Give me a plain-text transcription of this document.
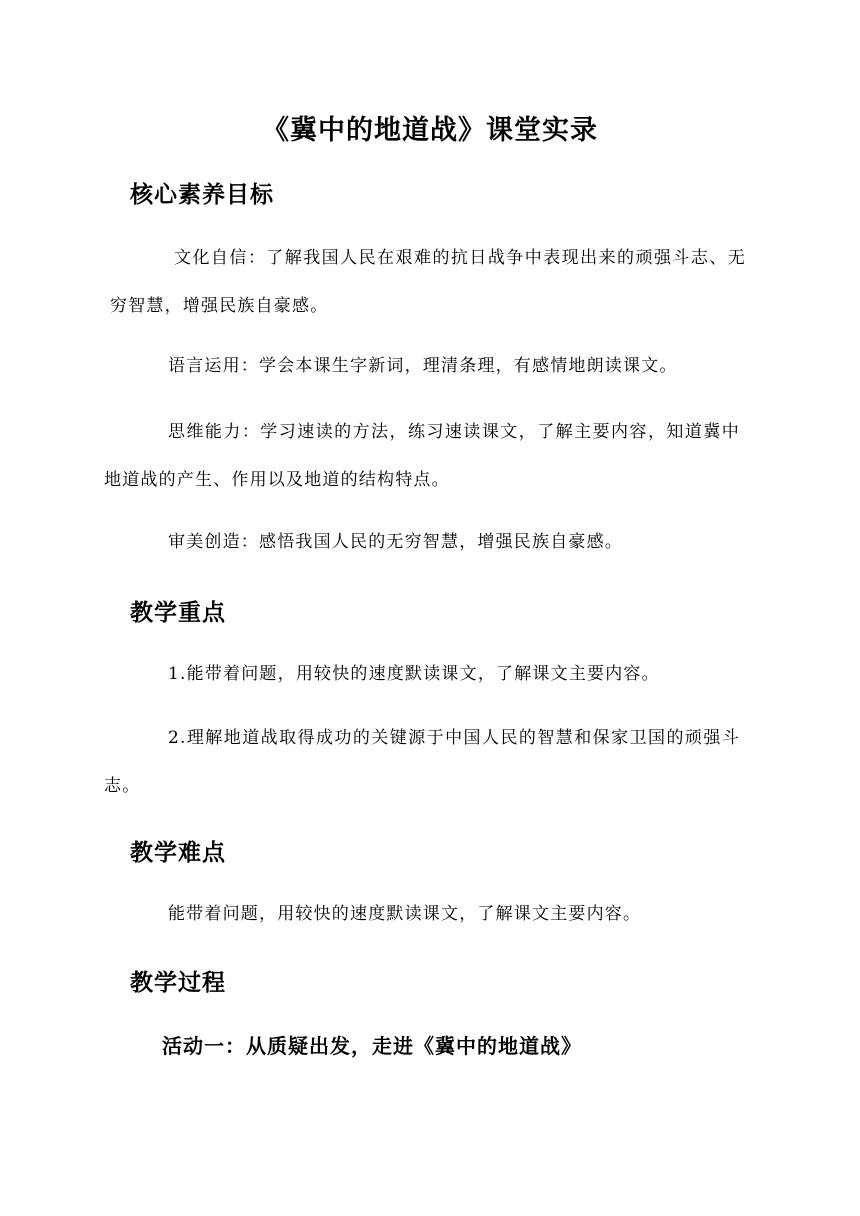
《冀中的地道战》课堂实录
核心素养目标
文化自信：了解我国人民在艰难的抗日战争中表现出来的顽强斗志、无穷智慧，增强民族自豪感。
语言运用：学会本课生字新词，理清条理，有感情地朗读课文。
思维能力：学习速读的方法，练习速读课文，了解主要内容，知道冀中地道战的产生、作用以及地道的结构特点。
审美创造：感悟我国人民的无穷智慧，增强民族自豪感。
教学重点
1.能带着问题，用较快的速度默读课文，了解课文主要内容。
2.理解地道战取得成功的关键源于中国人民的智慧和保家卫国的顽强斗志。
教学难点
能带着问题，用较快的速度默读课文，了解课文主要内容。
教学过程
活动一：从质疑出发，走进《冀中的地道战》
